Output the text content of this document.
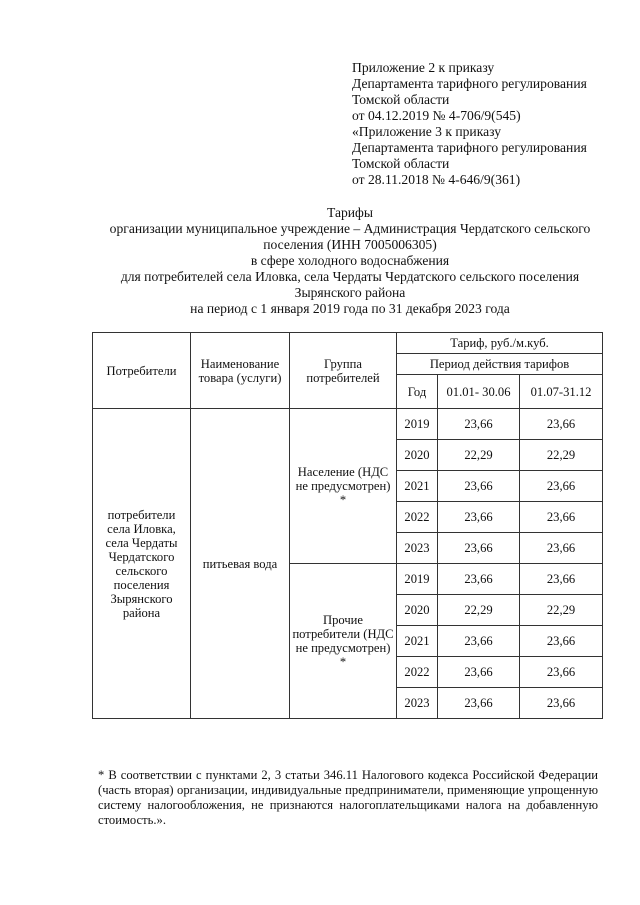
Приложение 2 к приказу
Департамента тарифного регулирования
Томской области
от 04.12.2019 № 4-706/9(545)
«Приложение 3 к приказу
Департамента тарифного регулирования
Томской области
от 28.11.2018 № 4-646/9(361)
Тарифы
организации муниципальное учреждение – Администрация Чердатского сельского
поселения (ИНН 7005006305)
в сфере холодного водоснабжения
для потребителей села Иловка, села Чердаты Чердатского сельского поселения
Зырянского района
на период с 1 января 2019 года по 31 декабря 2023 года
Потребители	Наименование товара (услуги)	Группа потребителей	Тариф, руб./м.куб.		
			Период действия тарифов		
			Год	01.01- 30.06	01.07-31.12
потребители села Иловка, села Чердаты Чердатского сельского поселения Зырянского района	питьевая вода	Население (НДС не предусмотрен) *	2019	23,66	23,66
			2020	22,29	22,29
			2021	23,66	23,66
			2022	23,66	23,66
			2023	23,66	23,66
		Прочие потребители (НДС не предусмотрен) *	2019	23,66	23,66
			2020	22,29	22,29
			2021	23,66	23,66
			2022	23,66	23,66
			2023	23,66	23,66
* В соответствии с пунктами 2, 3 статьи 346.11 Налогового кодекса Российской Федерации (часть вторая) организации, индивидуальные предприниматели, применяющие упрощенную систему налогообложения, не признаются налогоплательщиками налога на добавленную стоимость.».
